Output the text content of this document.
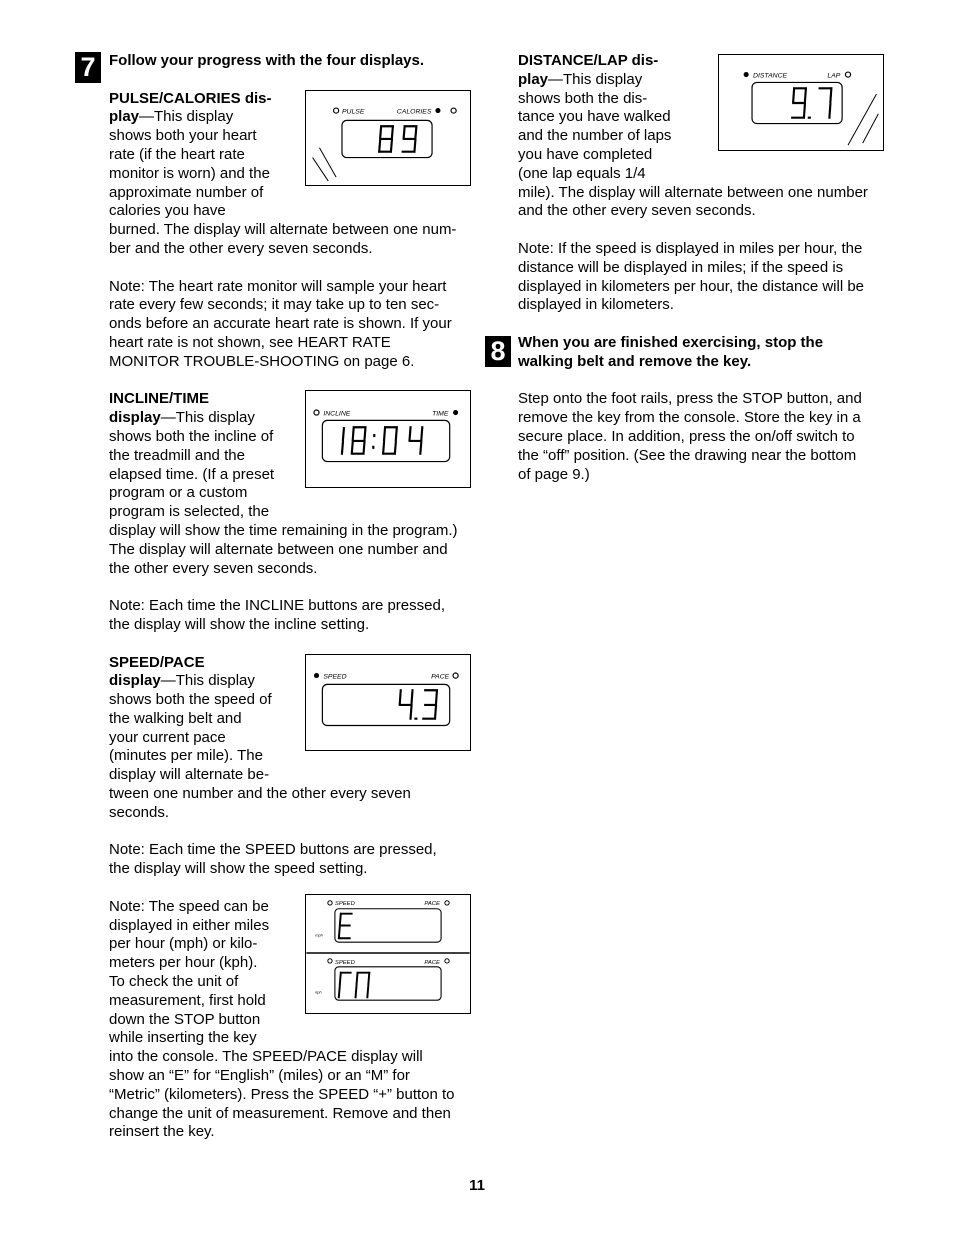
7
8

Follow your progress with the four displays.

PULSE	CALORIES

PULSE/CALORIES dis-

play—This display

shows both your heart

rate (if the heart rate

monitor is worn) and the

approximate number of

calories you have

burned. The display will alternate between one num-

ber and the other every seven seconds.

Note: The heart rate monitor will sample your heart

rate every few seconds; it may take up to ten sec-

onds before an accurate heart rate is shown. If your

heart rate is not shown, see HEART RATE

MONITOR TROUBLE-SHOOTING on page 6.

INCLINE	TIME

INCLINE/TIME

display—This display

shows both the incline of

the treadmill and the

elapsed time. (If a preset

program or a custom

program is selected, the

display will show the time remaining in the program.)

The display will alternate between one number and

the other every seven seconds.

Note: Each time the INCLINE buttons are pressed,

the display will show the incline setting.

SPEED	PACE

SPEED/PACE

display—This display

shows both the speed of

the walking belt and

your current pace

(minutes per mile). The

display will alternate be-

tween one number and the other every seven

seconds.

Note: Each time the SPEED buttons are pressed,

the display will show the speed setting.

SPEED	PACE
mph
SPEED	PACE
kph

Note: The speed can be

displayed in either miles

per hour (mph) or kilo-

meters per hour (kph).

To check the unit of

measurement, first hold

down the STOP button

while inserting the key

into the console. The SPEED/PACE display will

show an “E” for “English” (miles) or an “M” for

“Metric” (kilometers). Press the SPEED “+” button to

change the unit of measurement. Remove and then

reinsert the key.

DISTANCE	LAP

DISTANCE/LAP dis-

play—This display

shows both the dis-

tance you have walked

and the number of laps

you have completed

(one lap equals 1/4

mile). The display will alternate between one number

and the other every seven seconds.

Note: If the speed is displayed in miles per hour, the

distance will be displayed in miles; if the speed is

displayed in kilometers per hour, the distance will be

displayed in kilometers.

When you are finished exercising, stop the

walking belt and remove the key.

Step onto the foot rails, press the STOP button, and

remove the key from the console. Store the key in a

secure place. In addition, press the on/off switch to

the “off” position. (See the drawing near the bottom

of page 9.)

11
